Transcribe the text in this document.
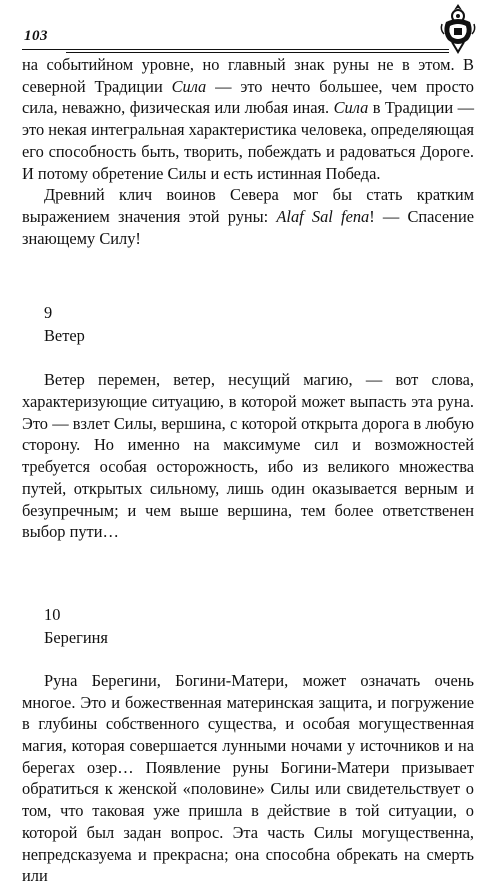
103

на событийном уровне, но главный знак руны не в этом. В северной Традиции Сила — это нечто большее, чем просто сила, неважно, физическая или любая иная. Сила в Традиции — это некая интегральная характеристика человека, определяющая его способность быть, творить, побеждать и радоваться Дороге. И потому обретение Силы и есть истинная Победа.

Древний клич воинов Севера мог бы стать кратким выражением значения этой руны: Alaf Sal fena! — Спасение знающему Силу!

9

Ветер

Ветер перемен, ветер, несущий магию, — вот слова, характеризующие ситуацию, в которой может выпасть эта руна. Это — взлет Силы, вершина, с которой открыта дорога в любую сторону. Но именно на максимуме сил и возможностей требуется особая осторожность, ибо из великого множества путей, открытых сильному, лишь один оказывается верным и безупречным; и чем выше вершина, тем более ответственен выбор пути…

10

Берегиня

Руна Берегини, Богини-Матери, может означать очень многое. Это и божественная материнская защита, и погружение в глубины собственного существа, и особая могущественная магия, которая совершается лунными ночами у источников и на берегах озер… Появление руны Богини-Матери призывает обратиться к женской «половине» Силы или свидетельствует о том, что таковая уже пришла в действие в той ситуации, о которой был задан вопрос. Эта часть Силы могущественна, непредсказуема и прекрасна; она способна обрекать на смерть или
